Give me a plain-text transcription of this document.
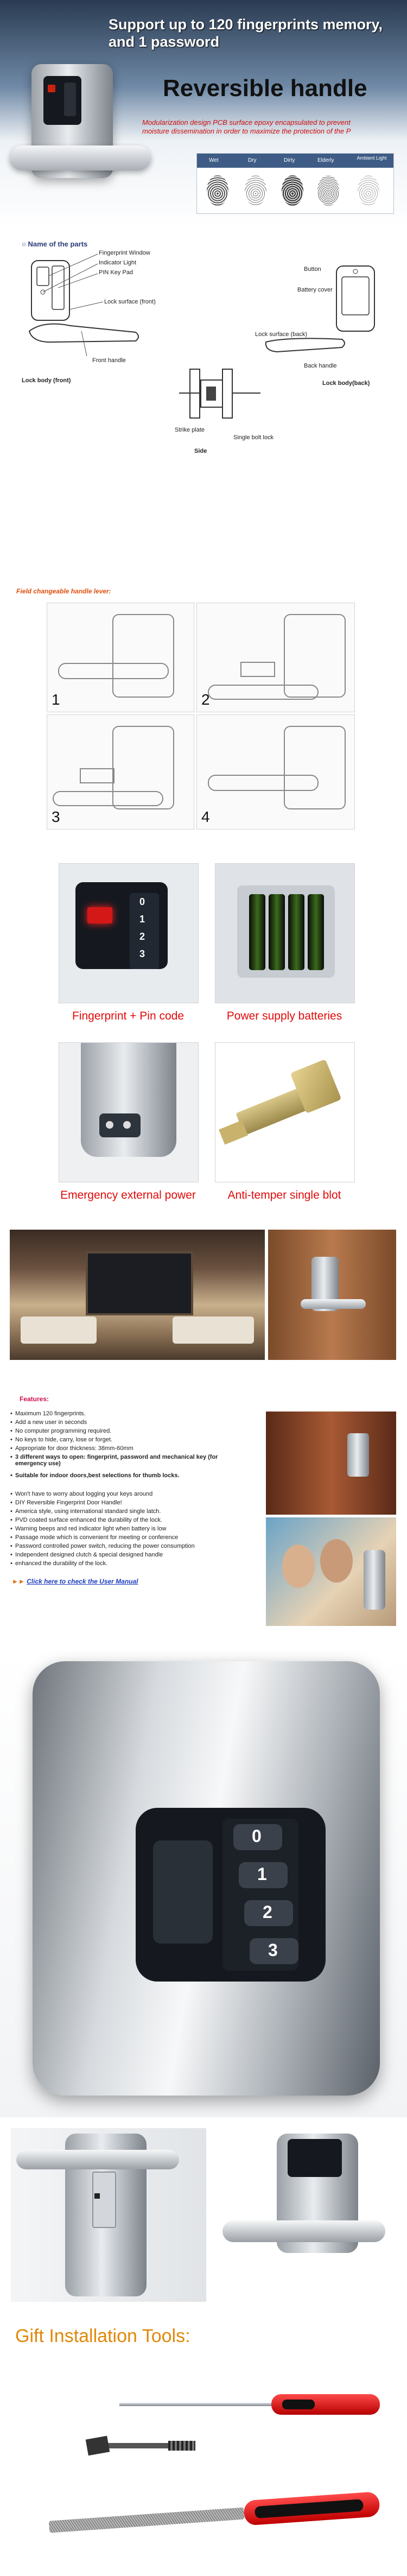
Support up to 120 fingerprints memory,
and 1 password
Reversible handle
Modularization design PCB surface epoxy encapsulated to prevent
moisture dissemination in order to maximize the protection of the P
Wet	Dry	Dirty	Elderly	Ambient Light
○ Name of the parts
Fingerprint Window
Indicator Light
PIN Key Pad
Lock surface (front)
Front handle
Lock body (front)
Strike plate
Single bolt lock
Side
Button
Battery cover
Lock surface (back)
Back handle
Lock body(back)
Field changeable handle lever:
1	2
3	4
0
1
2
3
Fingerprint + Pin code	Power supply batteries
Emergency external power	Anti-temper single blot
Features:
• Maximum 120 fingerprints.
• Add a new user in seconds
• No computer programming required.
• No keys to hide, carry, lose or forget.
• Appropriate for door thickness: 38mm-60mm
• 3 different ways to open: fingerprint, password and mechanical key (for emergency use)
• Suitable for indoor doors,best selections for thumb locks.
• Won't have to worry about logging your keys around
• DIY Reversible Fingerprint Door Handle!
• America style, using international standard single latch.
• PVD coated surface enhanced the durability of the lock.
• Warning beeps and red indicator light when battery is low
• Passage mode which is convenient for meeting or conference
• Password controlled power switch, reducing the power consumption
• Independent designed clutch & special designed handle
• enhanced the durability of the lock.
►► Click here to check the User Manual
0
1
2
3
Gift Installation Tools:
